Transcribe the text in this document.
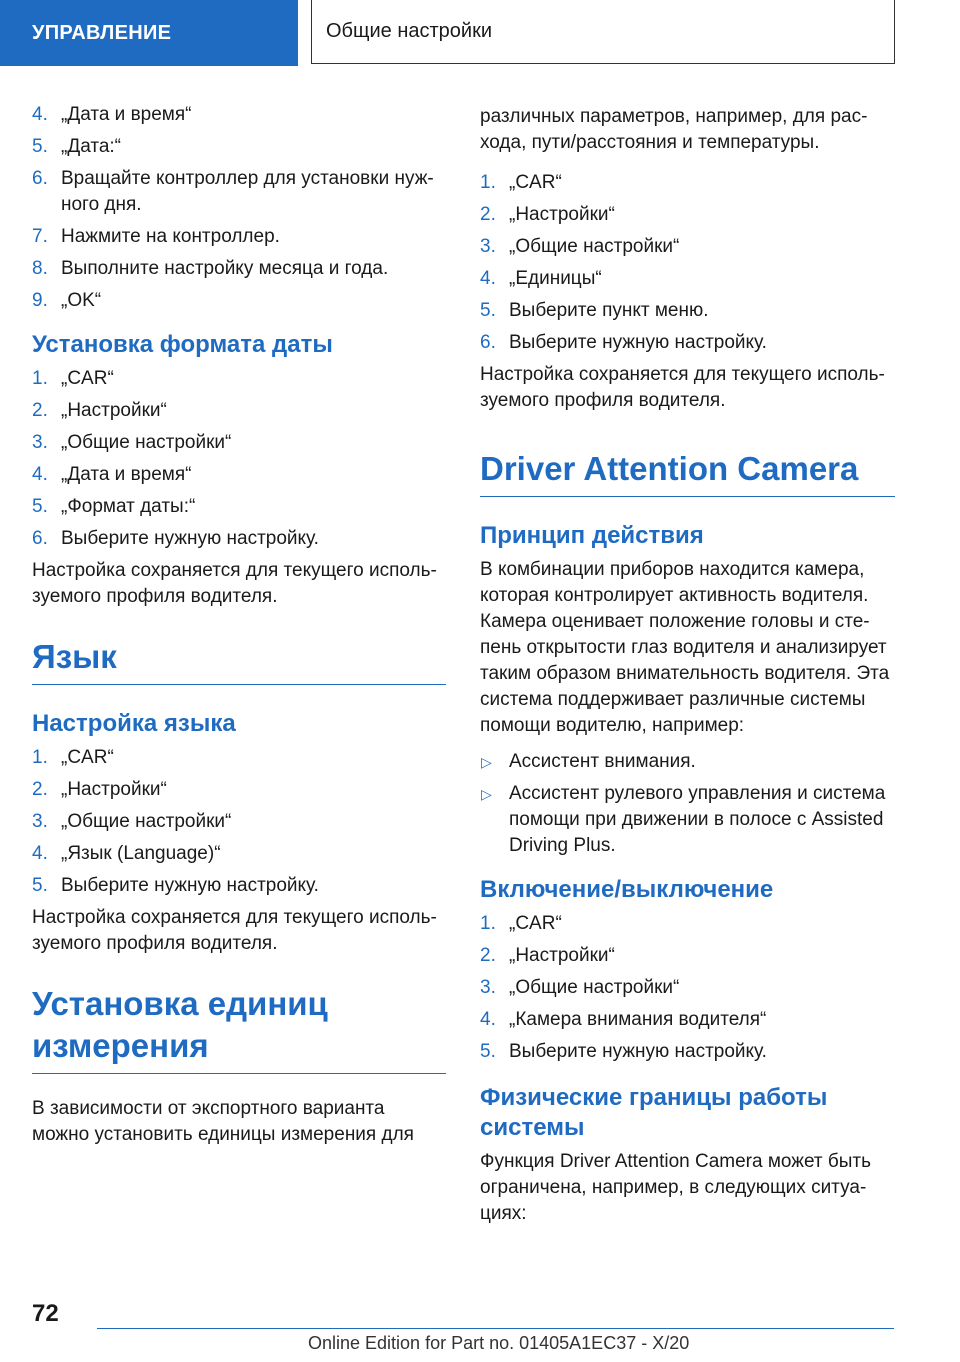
УПРАВЛЕНИЕ	Общие настройки
4. „Дата и время“
5. „Дата:“
6. Вращайте контроллер для установки нуж‐ного дня.
7. Нажмите на контроллер.
8. Выполните настройку месяца и года.
9. „OK“
Установка формата даты
1. „CAR“
2. „Настройки“
3. „Общие настройки“
4. „Дата и время“
5. „Формат даты:“
6. Выберите нужную настройку.

Настройка сохраняется для текущего исполь‐зуемого профиля водителя.

Язык
Настройка языка
1. „CAR“
2. „Настройки“
3. „Общие настройки“
4. „Язык (Language)“
5. Выберите нужную настройку.

Настройка сохраняется для текущего исполь‐зуемого профиля водителя.

Установка единиц измерения

В зависимости от экспортного варианта можно установить единицы измерения для

различных параметров, например, для рас‐хода, пути/расстояния и температуры.

1. „CAR“
2. „Настройки“
3. „Общие настройки“
4. „Единицы“
5. Выберите пункт меню.
6. Выберите нужную настройку.

Настройка сохраняется для текущего исполь‐зуемого профиля водителя.

Driver Attention Camera
Принцип действия

В комбинации приборов находится камера, которая контролирует активность водителя. Камера оценивает положение головы и сте‐пень открытости глаз водителя и анализирует таким образом внимательность водителя. Эта система поддерживает различные системы помощи водителю, например:

▷ Ассистент внимания.
▷ Ассистент рулевого управления и система помощи при движении в полосе с Assisted Driving Plus.
Включение/выключение
1. „CAR“
2. „Настройки“
3. „Общие настройки“
4. „Камера внимания водителя“
5. Выберите нужную настройку.
Физические границы работы системы

Функция Driver Attention Camera может быть ограничена, например, в следующих ситуа‐циях:

72
Online Edition for Part no. 01405A1EC37 - X/20
